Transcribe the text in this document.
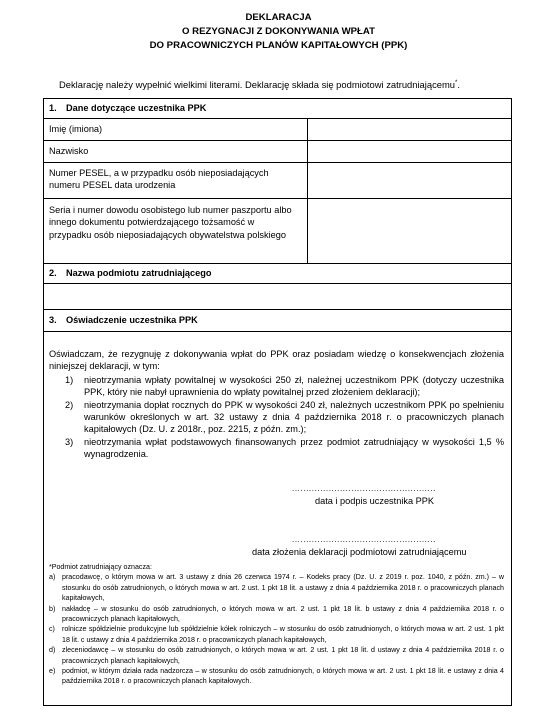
DEKLARACJA
O REZYGNACJI Z DOKONYWANIA WPŁAT
DO PRACOWNICZYCH PLANÓW KAPITAŁOWYCH (PPK)
Deklarację należy wypełnić wielkimi literami. Deklarację składa się podmiotowi zatrudniającemu*.
1. Dane dotyczące uczestnika PPK
Imię (imiona)
Nazwisko
Numer PESEL, a w przypadku osób nieposiadających numeru PESEL data urodzenia
Seria i numer dowodu osobistego lub numer paszportu albo innego dokumentu potwierdzającego tożsamość w przypadku osób nieposiadających obywatelstwa polskiego
2. Nazwa podmiotu zatrudniającego
3. Oświadczenie uczestnika PPK

Oświadczam, że rezygnuję z dokonywania wpłat do PPK oraz posiadam wiedzę o konsekwencjach złożenia niniejszej deklaracji, w tym:

1) nieotrzymania wpłaty powitalnej w wysokości 250 zł, należnej uczestnikom PPK (dotyczy uczestnika PPK, który nie nabył uprawnienia do wpłaty powitalnej przed złożeniem deklaracji);
2) nieotrzymania dopłat rocznych do PPK w wysokości 240 zł, należnych uczestnikom PPK po spełnieniu warunków określonych w art. 32 ustawy z dnia 4 października 2018 r. o pracowniczych planach kapitałowych (Dz. U. z 2018r., poz. 2215, z późn. zm.);
3) nieotrzymania wpłat podstawowych finansowanych przez podmiot zatrudniający w wysokości 1,5 % wynagrodzenia.
...................................................
data i podpis uczestnika PPK
...................................................
data złożenia deklaracji podmiotowi zatrudniającemu
*Podmiot zatrudniający oznacza:
a) pracodawcę, o którym mowa w art. 3 ustawy z dnia 26 czerwca 1974 r. – Kodeks pracy (Dz. U. z 2019 r. poz. 1040, z późn. zm.) – w stosunku do osób zatrudnionych, o których mowa w art. 2 ust. 1 pkt 18 lit. a ustawy z dnia 4 października 2018 r. o pracowniczych planach kapitałowych,
b) nakładcę – w stosunku do osób zatrudnionych, o których mowa w art. 2 ust. 1 pkt 18 lit. b ustawy z dnia 4 października 2018 r. o pracowniczych planach kapitałowych,
c) rolnicze spółdzielnie produkcyjne lub spółdzielnie kółek rolniczych – w stosunku do osób zatrudnionych, o których mowa w art. 2 ust. 1 pkt 18 lit. c ustawy z dnia 4 października 2018 r. o pracowniczych planach kapitałowych,
d) zleceniodawcę – w stosunku do osób zatrudnionych, o których mowa w art. 2 ust. 1 pkt 18 lit. d ustawy z dnia 4 października 2018 r. o pracowniczych planach kapitałowych,
e) podmiot, w którym działa rada nadzorcza – w stosunku do osób zatrudnionych, o których mowa w art. 2 ust. 1 pkt 18 lit. e ustawy z dnia 4 października 2018 r. o pracowniczych planach kapitałowych.
